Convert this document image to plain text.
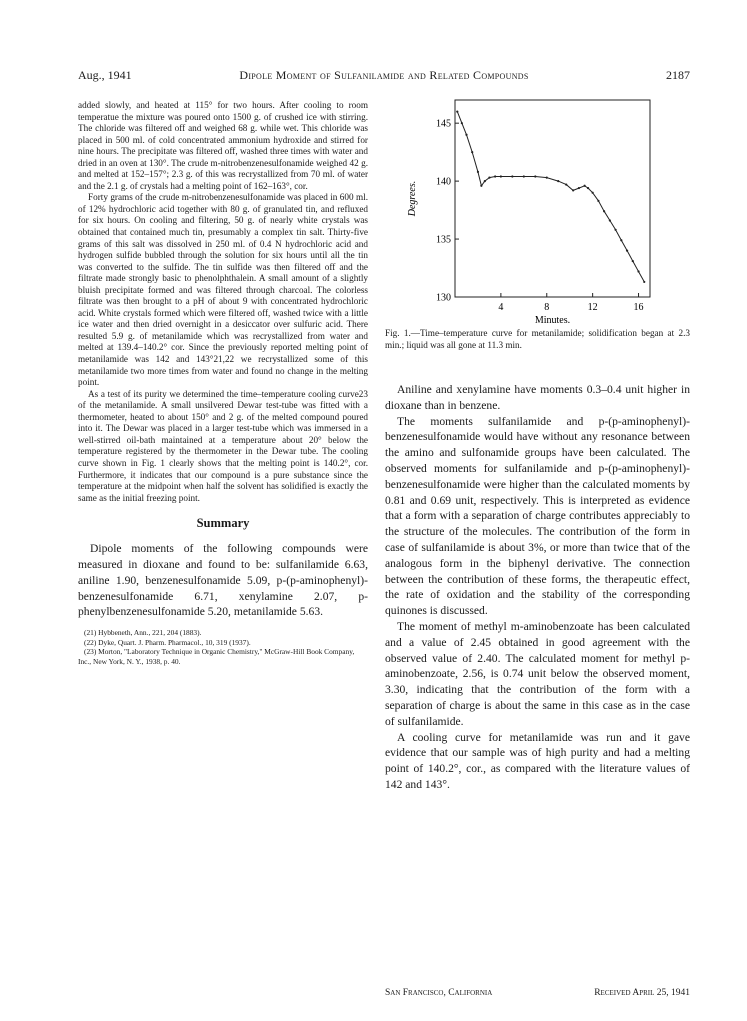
Aug., 1941	Dipole Moment of Sulfanilamide and Related Compounds	2187

added slowly, and heated at 115° for two hours. After cooling to room temperatue the mixture was poured onto 1500 g. of crushed ice with stirring. The chloride was filtered off and weighed 68 g. while wet. This chloride was placed in 500 ml. of cold concentrated ammonium hydroxide and stirred for nine hours. The precipitate was filtered off, washed three times with water and dried in an oven at 130°. The crude m-nitrobenzenesulfonamide weighed 42 g. and melted at 152–157°; 2.3 g. of this was recrystallized from 70 ml. of water and the 2.1 g. of crystals had a melting point of 162–163°, cor.

Forty grams of the crude m-nitrobenzenesulfonamide was placed in 600 ml. of 12% hydrochloric acid together with 80 g. of granulated tin, and refluxed for six hours. On cooling and filtering, 50 g. of nearly white crystals was obtained that contained much tin, presumably a complex tin salt. Thirty-five grams of this salt was dissolved in 250 ml. of 0.4 N hydrochloric acid and hydrogen sulfide bubbled through the solution for six hours until all the tin was converted to the sulfide. The tin sulfide was then filtered off and the filtrate made strongly basic to phenolphthalein. A small amount of a slightly bluish precipitate formed and was filtered through charcoal. The colorless filtrate was then brought to a pH of about 9 with concentrated hydrochloric acid. White crystals formed which were filtered off, washed twice with a little ice water and then dried overnight in a desiccator over sulfuric acid. There resulted 5.9 g. of metanilamide which was recrystallized from water and melted at 139.4–140.2° cor. Since the previously reported melting point of metanilamide was 142 and 143°21,22 we recrystallized some of this metanilamide two more times from water and found no change in the melting point.

As a test of its purity we determined the time–temperature cooling curve23 of the metanilamide. A small unsilvered Dewar test-tube was fitted with a thermometer, heated to about 150° and 2 g. of the melted compound poured into it. The Dewar was placed in a larger test-tube which was immersed in a well-stirred oil-bath maintained at a temperature about 20° below the temperature registered by the thermometer in the Dewar tube. The cooling curve shown in Fig. 1 clearly shows that the melting point is 140.2°, cor. Furthermore, it indicates that our compound is a pure substance since the temperature at the midpoint when half the solvent has solidified is exactly the same as the initial freezing point.

Summary

Dipole moments of the following compounds were measured in dioxane and found to be: sulfanilamide 6.63, aniline 1.90, benzenesulfonamide 5.09, p-(p-aminophenyl)-benzenesulfonamide 6.71, xenylamine 2.07, p-phenylbenzenesulfonamide 5.20, metanilamide 5.63.

(21) Hybbeneth, Ann., 221, 204 (1883).

(22) Dyke, Quart. J. Pharm. Pharmacol., 10, 319 (1937).

(23) Morton, "Laboratory Technique in Organic Chemistry," McGraw-Hill Book Company, Inc., New York, N. Y., 1938, p. 40.

130
135
140
145
4	8	12	16
Degrees.
Minutes.
Fig. 1.—Time–temperature curve for metanilamide; solidification began at 2.3 min.; liquid was all gone at 11.3 min.

Aniline and xenylamine have moments 0.3–0.4 unit higher in dioxane than in benzene.

The moments sulfanilamide and p-(p-aminophenyl)-benzenesulfonamide would have without any resonance between the amino and sulfonamide groups have been calculated. The observed moments for sulfanilamide and p-(p-aminophenyl)-benzenesulfonamide were higher than the calculated moments by 0.81 and 0.69 unit, respectively. This is interpreted as evidence that a form with a separation of charge contributes appreciably to the structure of the molecules. The contribution of the form in case of sulfanilamide is about 3%, or more than twice that of the analogous form in the biphenyl derivative. The connection between the contribution of these forms, the therapeutic effect, the rate of oxidation and the stability of the corresponding quinones is discussed.

The moment of methyl m-aminobenzoate has been calculated and a value of 2.45 obtained in good agreement with the observed value of 2.40. The calculated moment for methyl p-aminobenzoate, 2.56, is 0.74 unit below the observed moment, 3.30, indicating that the contribution of the form with a separation of charge is about the same in this case as in the case of sulfanilamide.

A cooling curve for metanilamide was run and it gave evidence that our sample was of high purity and had a melting point of 140.2°, cor., as compared with the literature values of 142 and 143°.

San Francisco, California	Received April 25, 1941
